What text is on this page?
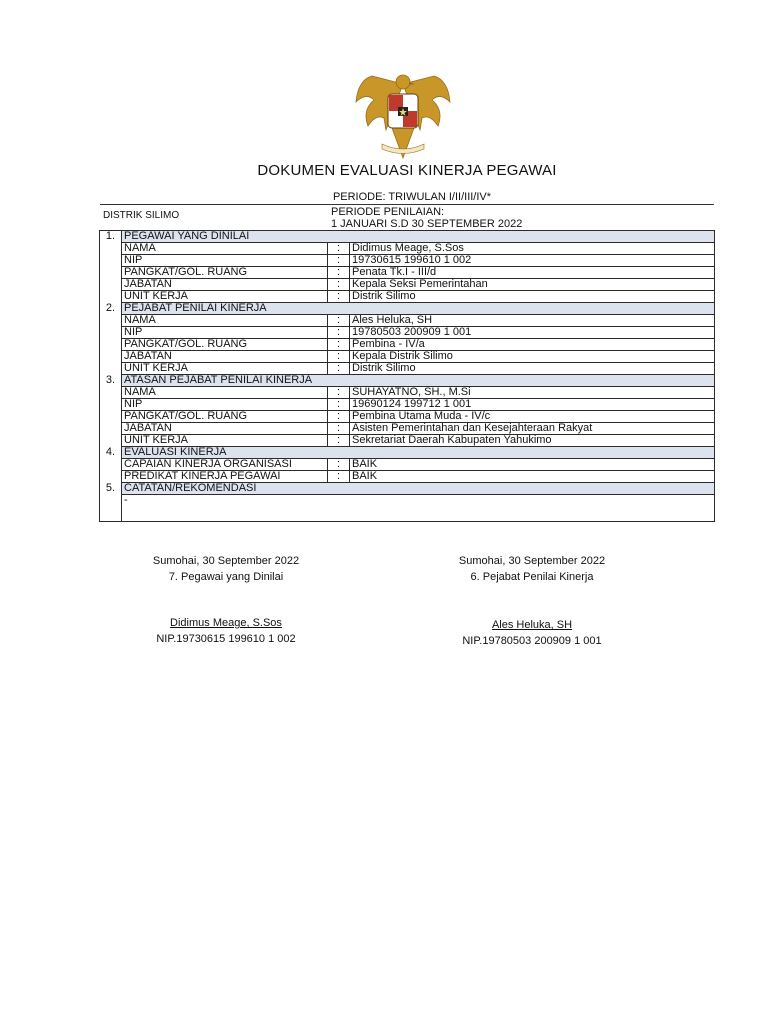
DOKUMEN EVALUASI KINERJA PEGAWAI
PERIODE: TRIWULAN I/II/III/IV*
DISTRIK SILIMO	PERIODE PENILAIAN:
1 JANUARI S.D 30 SEPTEMBER 2022
1.	PEGAWAI YANG DINILAI		
	NAMA	:	Didimus Meage, S.Sos
	NIP	:	19730615 199610 1 002
	PANGKAT/GOL. RUANG	:	Penata Tk.I - III/d
	JABATAN	:	Kepala Seksi Pemerintahan
	UNIT KERJA	:	Distrik Silimo
2.	PEJABAT PENILAI KINERJA		
	NAMA	:	Ales Heluka, SH
	NIP	:	19780503 200909 1 001
	PANGKAT/GOL. RUANG	:	Pembina - IV/a
	JABATAN	:	Kepala Distrik Silimo
	UNIT KERJA	:	Distrik Silimo
3.	ATASAN PEJABAT PENILAI KINERJA		
	NAMA	:	SUHAYATNO, SH., M.Si
	NIP	:	19690124 199712 1 001
	PANGKAT/GOL. RUANG	:	Pembina Utama Muda - IV/c
	JABATAN	:	Asisten Pemerintahan dan Kesejahteraan Rakyat
	UNIT KERJA	:	Sekretariat Daerah Kabupaten Yahukimo
4.	EVALUASI KINERJA		
	CAPAIAN KINERJA ORGANISASI	:	BAIK
	PREDIKAT KINERJA PEGAWAI	:	BAIK
5.	CATATAN/REKOMENDASI		
	-		
Sumohai, 30 September 2022
7. Pegawai yang Dinilai
Didimus Meage, S.Sos
NIP.19730615 199610 1 002
Sumohai, 30 September 2022
6. Pejabat Penilai Kinerja
Ales Heluka, SH
NIP.19780503 200909 1 001
